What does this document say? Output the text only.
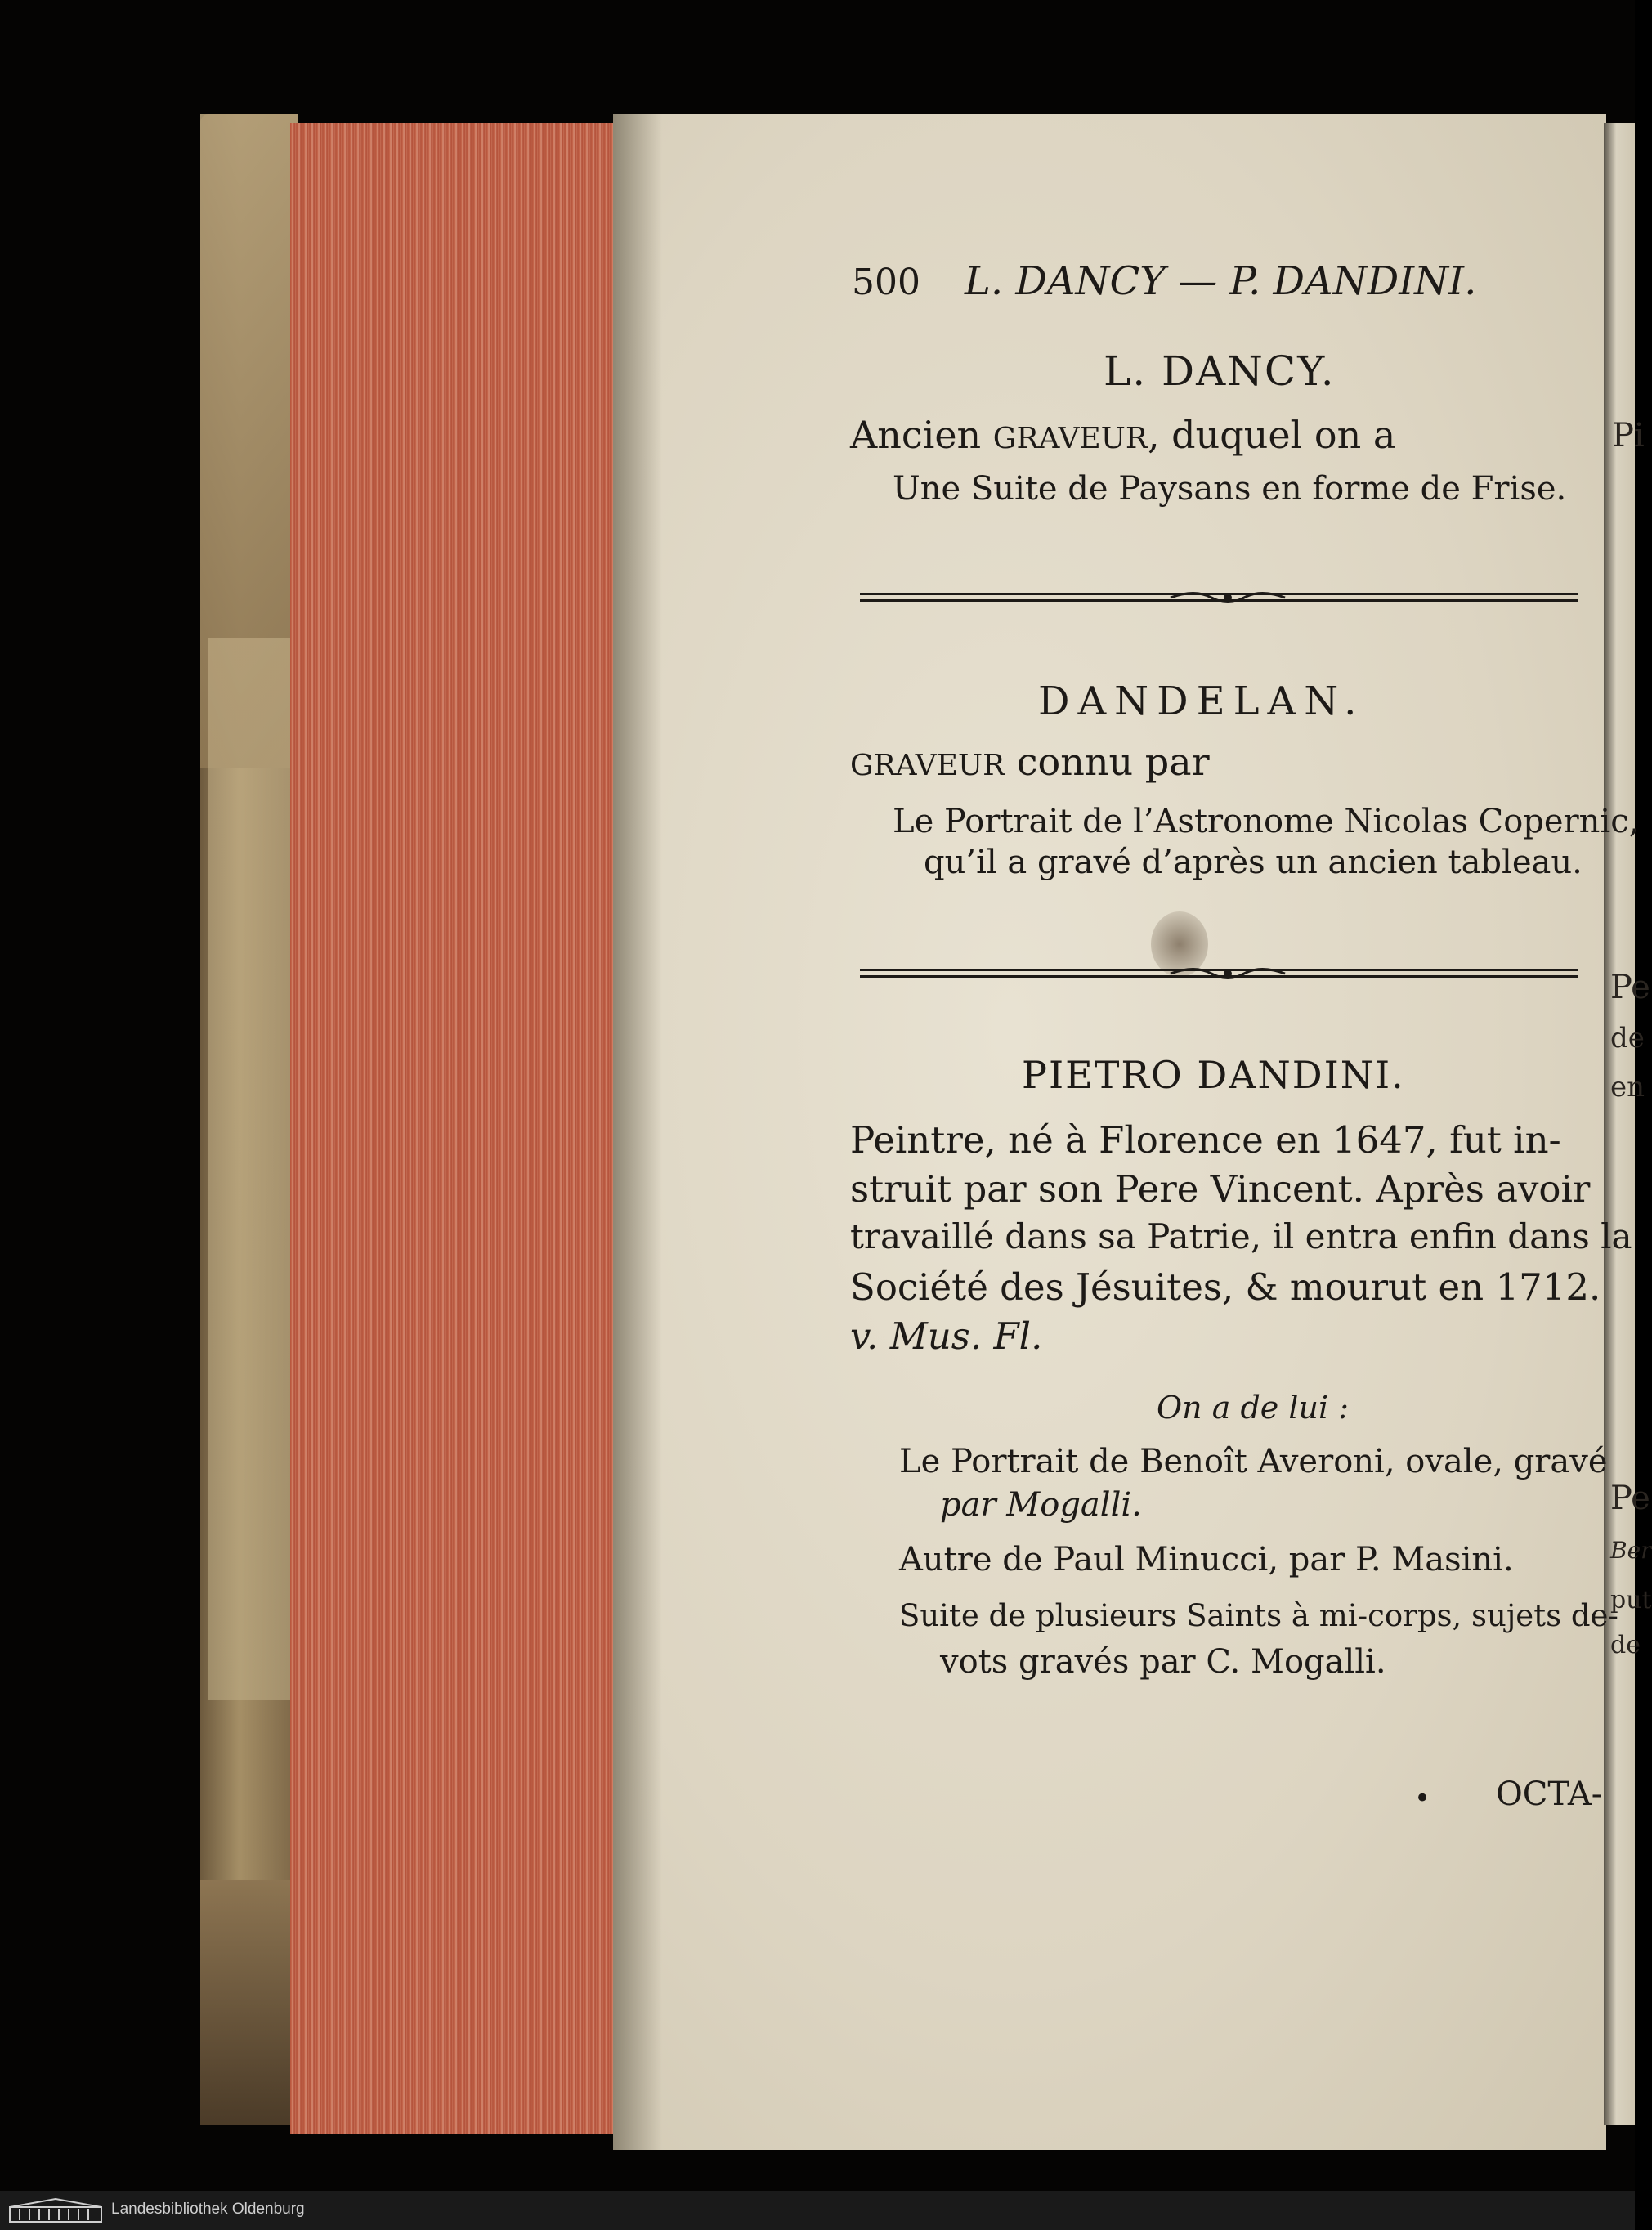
500 L. DANCY — P. DANDINI.
L. DANCY.
Ancien GRAVEUR, duquel on a
Une Suite de Paysans en forme de Frise.
DANDELAN.
GRAVEUR connu par
Le Portrait de l’Astronome Nicolas Copernic,
qu’il a gravé d’après un ancien tableau.
PIETRO DANDINI.
Peintre, né à Florence en 1647, fut in-
struit par son Pere Vincent. Après avoir
travaillé dans sa Patrie, il entra enfin dans la
Société des Jésuites, & mourut en 1712.
v. Mus. Fl.
On a de lui :
Le Portrait de Benoît Averoni, ovale, gravé
par Mogalli.
Autre de Paul Minucci, par P. Masini.
Suite de plusieurs Saints à mi-corps, sujets de-
vots gravés par C. Mogalli.
• OCTA-
Pi
Pe
de
en
Pe
Ber
put
de
Landesbibliothek Oldenburg
